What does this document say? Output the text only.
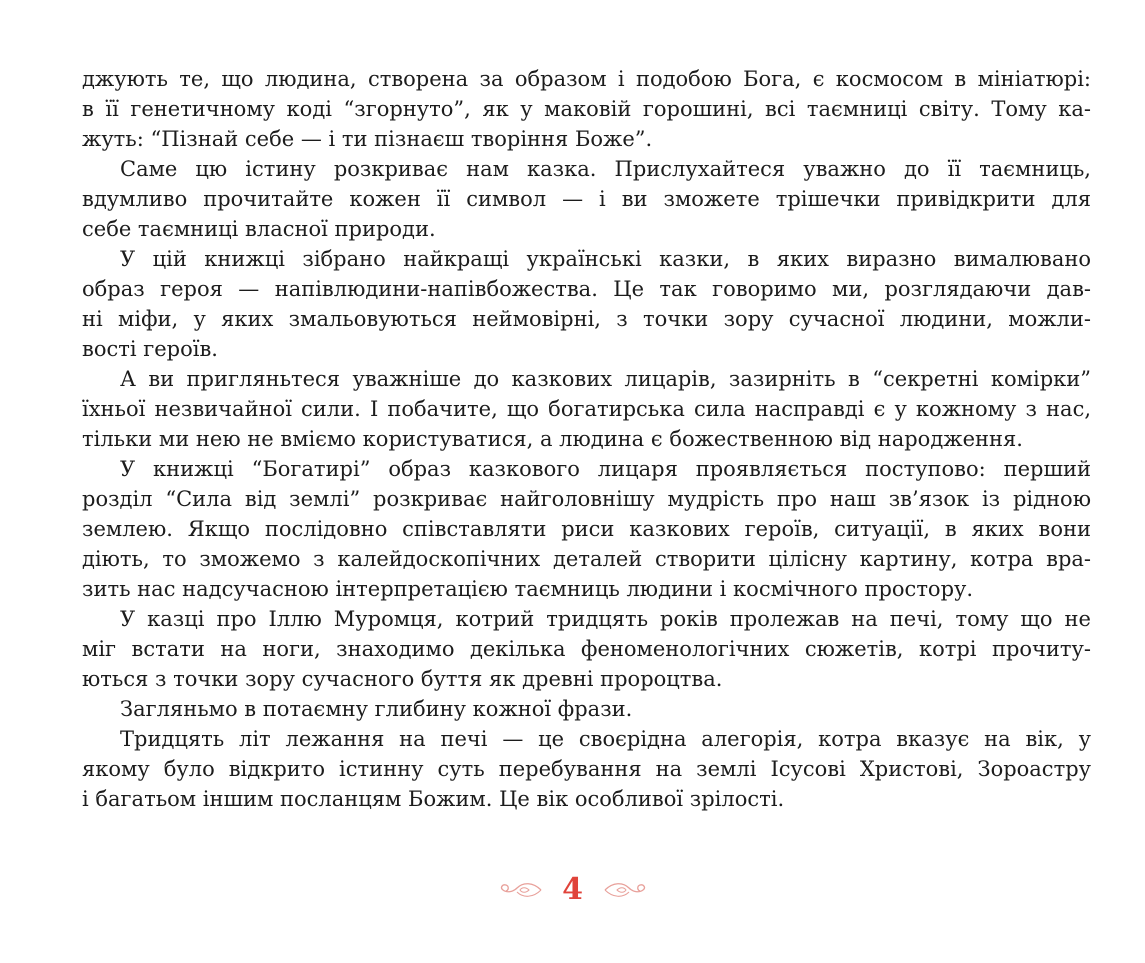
джують те, що людина, створена за образом і подобою Бога, є космосом в мініатюрі:
в її генетичному коді “згорнуто”, як у маковій горошині, всі таємниці світу. Тому ка-
жуть: “Пізнай себе — і ти пізнаєш творіння Боже”.
Саме цю істину розкриває нам казка. Прислухайтеся уважно до її таємниць,
вдумливо прочитайте кожен її символ — і ви зможете трішечки привідкрити для
себе таємниці власної природи.
У цій книжці зібрано найкращі українські казки, в яких виразно вималювано
образ героя — напівлюдини-напівбожества. Це так говоримо ми, розглядаючи дав-
ні міфи, у яких змальовуються неймовірні, з точки зору сучасної людини, можли-
вості героїв.
А ви пригляньтеся уважніше до казкових лицарів, зазирніть в “секретні комірки”
їхньої незвичайної сили. І побачите, що богатирська сила насправді є у кожному з нас,
тільки ми нею не вміємо користуватися, а людина є божественною від народження.
У книжці “Богатирі” образ казкового лицаря проявляється поступово: перший
розділ “Сила від землі” розкриває найголовнішу мудрість про наш зв’язок із рідною
землею. Якщо послідовно співставляти риси казкових героїв, ситуації, в яких вони
діють, то зможемо з калейдоскопічних деталей створити цілісну картину, котра вра-
зить нас надсучасною інтерпретацією таємниць людини і космічного простору.
У казці про Іллю Муромця, котрий тридцять років пролежав на печі, тому що не
міг встати на ноги, знаходимо декілька феноменологічних сюжетів, котрі прочиту-
ються з точки зору сучасного буття як древні пророцтва.
Загляньмо в потаємну глибину кожної фрази.
Тридцять літ лежання на печі — це своєрідна алегорія, котра вказує на вік, у
якому було відкрито істинну суть перебування на землі Ісусові Христові, Зороастру
і багатьом іншим посланцям Божим. Це вік особливої зрілості.
4
